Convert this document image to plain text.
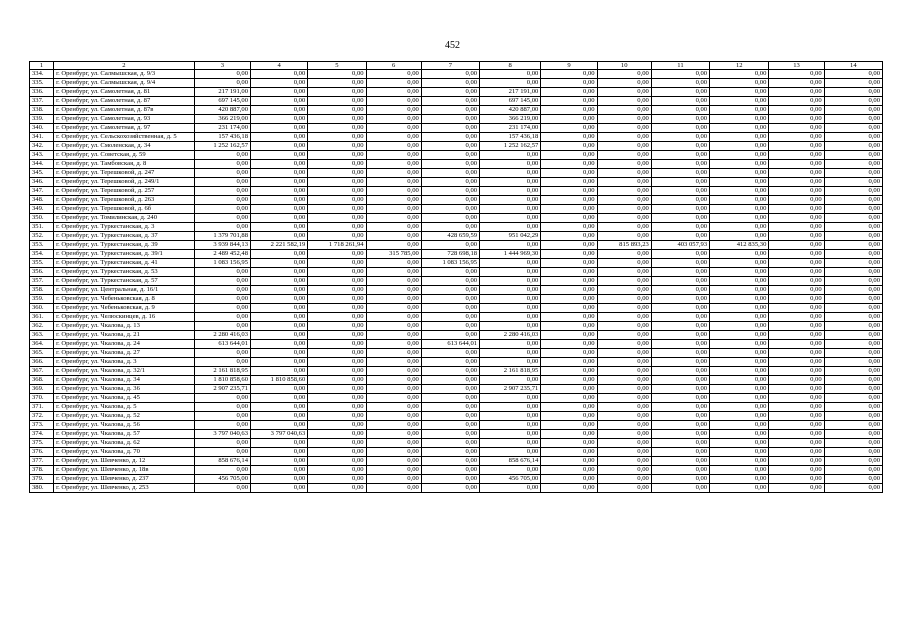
452
1	2	3	4	5	6	7	8	9	10	11	12	13	14
334.	г. Оренбург, ул. Салмышская, д. 9/3	0,00	0,00	0,00	0,00	0,00	0,00	0,00	0,00	0,00	0,00	0,00	0,00
335.	г. Оренбург, ул. Салмышская, д. 9/4	0,00	0,00	0,00	0,00	0,00	0,00	0,00	0,00	0,00	0,00	0,00	0,00
336.	г. Оренбург, ул. Самолетная, д. 81	217 191,00	0,00	0,00	0,00	0,00	217 191,00	0,00	0,00	0,00	0,00	0,00	0,00
337.	г. Оренбург, ул. Самолетная, д. 87	697 145,00	0,00	0,00	0,00	0,00	697 145,00	0,00	0,00	0,00	0,00	0,00	0,00
338.	г. Оренбург, ул. Самолетная, д. 87в	420 887,00	0,00	0,00	0,00	0,00	420 887,00	0,00	0,00	0,00	0,00	0,00	0,00
339.	г. Оренбург, ул. Самолетная, д. 93	366 219,00	0,00	0,00	0,00	0,00	366 219,00	0,00	0,00	0,00	0,00	0,00	0,00
340.	г. Оренбург, ул. Самолетная, д. 97	231 174,00	0,00	0,00	0,00	0,00	231 174,00	0,00	0,00	0,00	0,00	0,00	0,00
341.	г. Оренбург, ул. Сельскохозяйственная, д. 5	157 436,18	0,00	0,00	0,00	0,00	157 436,18	0,00	0,00	0,00	0,00	0,00	0,00
342.	г. Оренбург, ул. Смоленская, д. 34	1 252 162,57	0,00	0,00	0,00	0,00	1 252 162,57	0,00	0,00	0,00	0,00	0,00	0,00
343.	г. Оренбург, ул. Советская, д. 59	0,00	0,00	0,00	0,00	0,00	0,00	0,00	0,00	0,00	0,00	0,00	0,00
344.	г. Оренбург, ул. Тамбовская, д. 8	0,00	0,00	0,00	0,00	0,00	0,00	0,00	0,00	0,00	0,00	0,00	0,00
345.	г. Оренбург, ул. Терешковой, д. 247	0,00	0,00	0,00	0,00	0,00	0,00	0,00	0,00	0,00	0,00	0,00	0,00
346.	г. Оренбург, ул. Терешковой, д. 249/1	0,00	0,00	0,00	0,00	0,00	0,00	0,00	0,00	0,00	0,00	0,00	0,00
347.	г. Оренбург, ул. Терешковой, д. 257	0,00	0,00	0,00	0,00	0,00	0,00	0,00	0,00	0,00	0,00	0,00	0,00
348.	г. Оренбург, ул. Терешковой, д. 263	0,00	0,00	0,00	0,00	0,00	0,00	0,00	0,00	0,00	0,00	0,00	0,00
349.	г. Оренбург, ул. Терешковой, д. 6б	0,00	0,00	0,00	0,00	0,00	0,00	0,00	0,00	0,00	0,00	0,00	0,00
350.	г. Оренбург, ул. Томилинская, д. 240	0,00	0,00	0,00	0,00	0,00	0,00	0,00	0,00	0,00	0,00	0,00	0,00
351.	г. Оренбург, ул. Туркестанская, д. 3	0,00	0,00	0,00	0,00	0,00	0,00	0,00	0,00	0,00	0,00	0,00	0,00
352.	г. Оренбург, ул. Туркестанская, д. 37	1 379 701,88	0,00	0,00	0,00	428 659,59	951 042,29	0,00	0,00	0,00	0,00	0,00	0,00
353.	г. Оренбург, ул. Туркестанская, д. 39	3 939 844,13	2 221 582,19	1 718 261,94	0,00	0,00	0,00	0,00	815 893,23	403 057,93	412 835,30	0,00	0,00
354.	г. Оренбург, ул. Туркестанская, д. 39/1	2 489 452,48	0,00	0,00	315 785,00	728 698,18	1 444 969,30	0,00	0,00	0,00	0,00	0,00	0,00
355.	г. Оренбург, ул. Туркестанская, д. 41	1 083 156,95	0,00	0,00	0,00	1 083 156,95	0,00	0,00	0,00	0,00	0,00	0,00	0,00
356.	г. Оренбург, ул. Туркестанская, д. 53	0,00	0,00	0,00	0,00	0,00	0,00	0,00	0,00	0,00	0,00	0,00	0,00
357.	г. Оренбург, ул. Туркестанская, д. 57	0,00	0,00	0,00	0,00	0,00	0,00	0,00	0,00	0,00	0,00	0,00	0,00
358.	г. Оренбург, ул. Центральная, д. 16/1	0,00	0,00	0,00	0,00	0,00	0,00	0,00	0,00	0,00	0,00	0,00	0,00
359.	г. Оренбург, ул. Чебеньковская, д. 8	0,00	0,00	0,00	0,00	0,00	0,00	0,00	0,00	0,00	0,00	0,00	0,00
360.	г. Оренбург, ул. Чебеньковская, д. 9	0,00	0,00	0,00	0,00	0,00	0,00	0,00	0,00	0,00	0,00	0,00	0,00
361.	г. Оренбург, ул. Челюскинцев, д. 16	0,00	0,00	0,00	0,00	0,00	0,00	0,00	0,00	0,00	0,00	0,00	0,00
362.	г. Оренбург, ул. Чкалова, д. 13	0,00	0,00	0,00	0,00	0,00	0,00	0,00	0,00	0,00	0,00	0,00	0,00
363.	г. Оренбург, ул. Чкалова, д. 21	2 280 416,03	0,00	0,00	0,00	0,00	2 280 416,03	0,00	0,00	0,00	0,00	0,00	0,00
364.	г. Оренбург, ул. Чкалова, д. 24	613 644,01	0,00	0,00	0,00	613 644,01	0,00	0,00	0,00	0,00	0,00	0,00	0,00
365.	г. Оренбург, ул. Чкалова, д. 27	0,00	0,00	0,00	0,00	0,00	0,00	0,00	0,00	0,00	0,00	0,00	0,00
366.	г. Оренбург, ул. Чкалова, д. 3	0,00	0,00	0,00	0,00	0,00	0,00	0,00	0,00	0,00	0,00	0,00	0,00
367.	г. Оренбург, ул. Чкалова, д. 32/1	2 161 818,95	0,00	0,00	0,00	0,00	2 161 818,95	0,00	0,00	0,00	0,00	0,00	0,00
368.	г. Оренбург, ул. Чкалова, д. 34	1 810 858,60	1 810 858,60	0,00	0,00	0,00	0,00	0,00	0,00	0,00	0,00	0,00	0,00
369.	г. Оренбург, ул. Чкалова, д. 36	2 907 235,71	0,00	0,00	0,00	0,00	2 907 235,71	0,00	0,00	0,00	0,00	0,00	0,00
370.	г. Оренбург, ул. Чкалова, д. 45	0,00	0,00	0,00	0,00	0,00	0,00	0,00	0,00	0,00	0,00	0,00	0,00
371.	г. Оренбург, ул. Чкалова, д. 5	0,00	0,00	0,00	0,00	0,00	0,00	0,00	0,00	0,00	0,00	0,00	0,00
372.	г. Оренбург, ул. Чкалова, д. 52	0,00	0,00	0,00	0,00	0,00	0,00	0,00	0,00	0,00	0,00	0,00	0,00
373.	г. Оренбург, ул. Чкалова, д. 56	0,00	0,00	0,00	0,00	0,00	0,00	0,00	0,00	0,00	0,00	0,00	0,00
374.	г. Оренбург, ул. Чкалова, д. 57	3 797 040,63	3 797 040,63	0,00	0,00	0,00	0,00	0,00	0,00	0,00	0,00	0,00	0,00
375.	г. Оренбург, ул. Чкалова, д. 62	0,00	0,00	0,00	0,00	0,00	0,00	0,00	0,00	0,00	0,00	0,00	0,00
376.	г. Оренбург, ул. Чкалова, д. 70	0,00	0,00	0,00	0,00	0,00	0,00	0,00	0,00	0,00	0,00	0,00	0,00
377.	г. Оренбург, ул. Шевченко, д. 12	858 676,14	0,00	0,00	0,00	0,00	858 676,14	0,00	0,00	0,00	0,00	0,00	0,00
378.	г. Оренбург, ул. Шевченко, д. 18в	0,00	0,00	0,00	0,00	0,00	0,00	0,00	0,00	0,00	0,00	0,00	0,00
379.	г. Оренбург, ул. Шевченко, д. 237	456 705,00	0,00	0,00	0,00	0,00	456 705,00	0,00	0,00	0,00	0,00	0,00	0,00
380.	г. Оренбург, ул. Шевченко, д. 253	0,00	0,00	0,00	0,00	0,00	0,00	0,00	0,00	0,00	0,00	0,00	0,00
